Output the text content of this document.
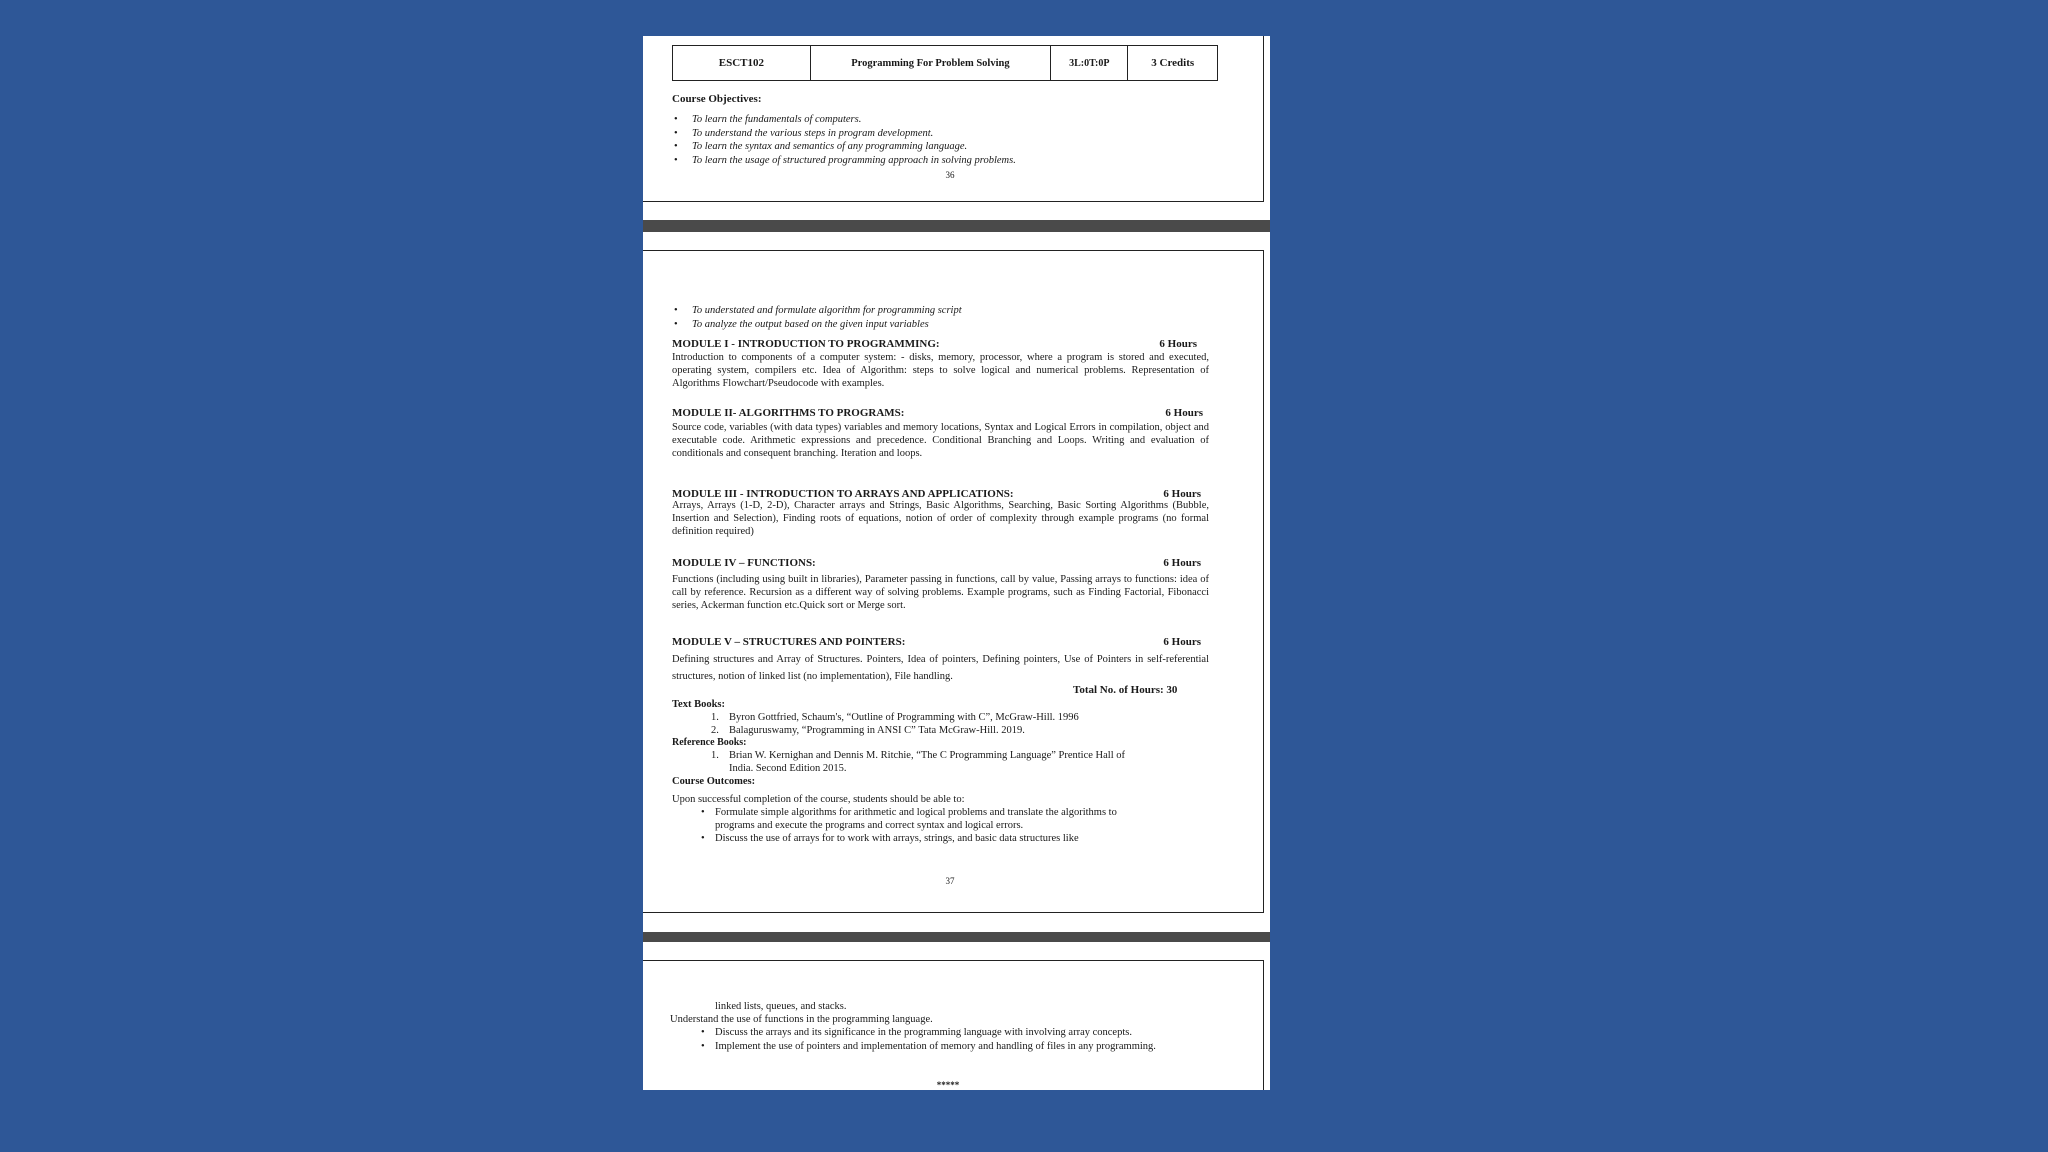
ESCT102	Programming For Problem Solving	3L:0T:0P	3 Credits
Course Objectives:
• To learn the fundamentals of computers.
• To understand the various steps in program development.
• To learn the syntax and semantics of any programming language.
• To learn the usage of structured programming approach in solving problems.
36
• To understated and formulate algorithm for programming script
• To analyze the output based on the given input variables
MODULE I - INTRODUCTION TO PROGRAMMING:	6 Hours

Introduction to components of a computer system: - disks, memory, processor, where a program is stored and executed, operating system, compilers etc. Idea of Algorithm: steps to solve logical and numerical problems. Representation of Algorithms Flowchart/Pseudocode with examples.

MODULE II- ALGORITHMS TO PROGRAMS:	6 Hours

Source code, variables (with data types) variables and memory locations, Syntax and Logical Errors in compilation, object and executable code. Arithmetic expressions and precedence. Conditional Branching and Loops. Writing and evaluation of conditionals and consequent branching. Iteration and loops.

MODULE III - INTRODUCTION TO ARRAYS AND APPLICATIONS:	6 Hours

Arrays, Arrays (1-D, 2-D), Character arrays and Strings, Basic Algorithms, Searching, Basic Sorting Algorithms (Bubble, Insertion and Selection), Finding roots of equations, notion of order of complexity through example programs (no formal definition required)

MODULE IV – FUNCTIONS:	6 Hours

Functions (including using built in libraries), Parameter passing in functions, call by value, Passing arrays to functions: idea of call by reference. Recursion as a different way of solving problems. Example programs, such as Finding Factorial, Fibonacci series, Ackerman function etc.Quick sort or Merge sort.

MODULE V – STRUCTURES AND POINTERS:	6 Hours

Defining structures and Array of Structures. Pointers, Idea of pointers, Defining pointers, Use of Pointers in self-referential structures, notion of linked list (no implementation), File handling.

Total No. of Hours: 30
Text Books:
1. Byron Gottfried, Schaum's, “Outline of Programming with C”, McGraw-Hill. 1996
2. Balaguruswamy, “Programming in ANSI C” Tata McGraw-Hill. 2019.
Reference Books:
1. Brian W. Kernighan and Dennis M. Ritchie, “The C Programming Language” Prentice Hall of India. Second Edition 2015.
Course Outcomes:
Upon successful completion of the course, students should be able to:
• Formulate simple algorithms for arithmetic and logical problems and translate the algorithms to programs and execute the programs and correct syntax and logical errors.
• Discuss the use of arrays for to work with arrays, strings, and basic data structures like
37
linked lists, queues, and stacks.
Understand the use of functions in the programming language.
• Discuss the arrays and its significance in the programming language with involving array concepts.
• Implement the use of pointers and implementation of memory and handling of files in any programming.
*****
